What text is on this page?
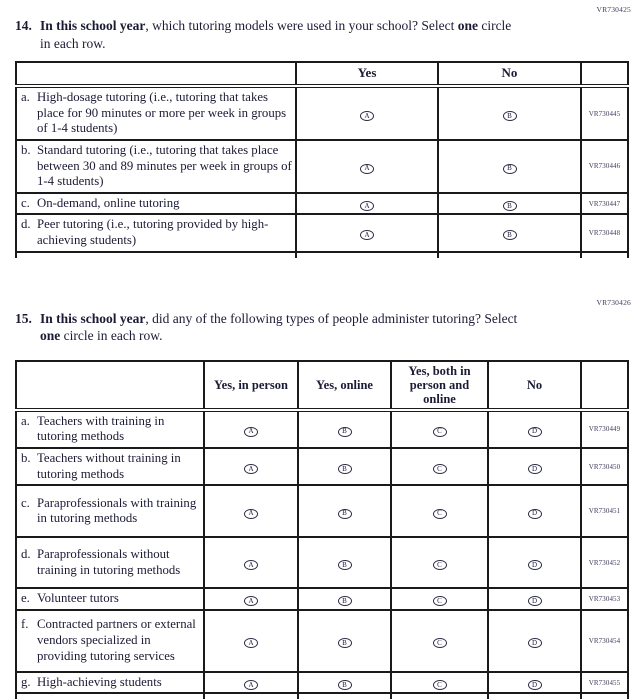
VR730425
14. In this school year, which tutoring models were used in your school? Select one circle
in each row.
	Yes	No	

a. High-dosage tutoring (i.e., tutoring that takes place for 90 minutes or more per week in groups of 1-4 students)	A	B	VR730445

b. Standard tutoring (i.e., tutoring that takes place between 30 and 89 minutes per week in groups of 1-4 students)	A	B	VR730446

c. On-demand, online tutoring	A	B	VR730447

d. Peer tutoring (i.e., tutoring provided by high-achieving students)	A	B	VR730448

VR730426
15. In this school year, did any of the following types of people administer tutoring? Select
one circle in each row.
	Yes, in person	Yes, online	Yes, both in person and online	No	

a. Teachers with training in tutoring methods	A	B	C	D	VR730449

b. Teachers without training in tutoring methods	A	B	C	D	VR730450

c. Paraprofessionals with training in tutoring methods	A	B	C	D	VR730451

d. Paraprofessionals without training in tutoring methods	A	B	C	D	VR730452

e. Volunteer tutors	A	B	C	D	VR730453

f. Contracted partners or external vendors specialized in providing tutoring services	A	B	C	D	VR730454

g. High-achieving students	A	B	C	D	VR730455
